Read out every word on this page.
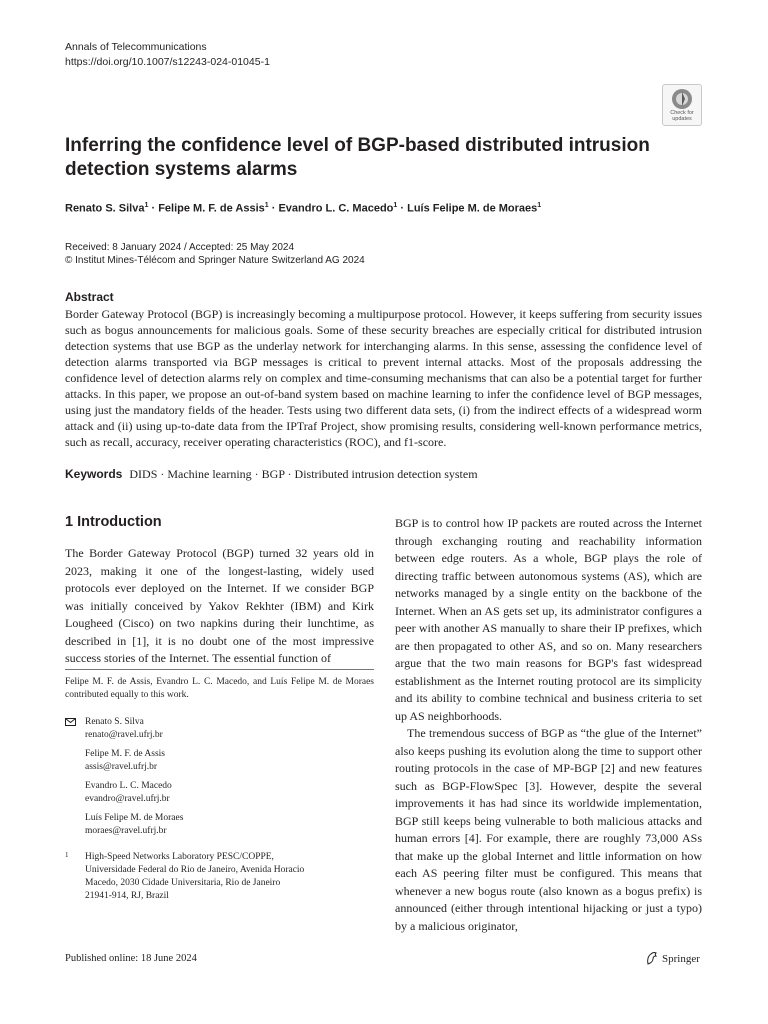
Annals of Telecommunications
https://doi.org/10.1007/s12243-024-01045-1
Check for
updates
Inferring the confidence level of BGP-based distributed intrusion detection systems alarms
Renato S. Silva$^1$ · Felipe M. F. de Assis$^1$ · Evandro L. C. Macedo$^1$ · Luís Felipe M. de Moraes$^1$
Received: 8 January 2024 / Accepted: 25 May 2024
© Institut Mines-Télécom and Springer Nature Switzerland AG 2024
Abstract

Border Gateway Protocol (BGP) is increasingly becoming a multipurpose protocol. However, it keeps suffering from security issues such as bogus announcements for malicious goals. Some of these security breaches are especially critical for distributed intrusion detection systems that use BGP as the underlay network for interchanging alarms. In this sense, assessing the confidence level of detection alarms transported via BGP messages is critical to prevent internal attacks. Most of the proposals addressing the confidence level of detection alarms rely on complex and time-consuming mechanisms that can also be a potential target for further attacks. In this paper, we propose an out-of-band system based on machine learning to infer the confidence level of BGP messages, using just the mandatory fields of the header. Tests using two different data sets, (i) from the indirect effects of a widespread worm attack and (ii) using up-to-date data from the IPTraf Project, show promising results, considering well-known performance metrics, such as recall, accuracy, receiver operating characteristics (ROC), and f1-score.

Keywords DIDS · Machine learning · BGP · Distributed intrusion detection system
1 Introduction

The Border Gateway Protocol (BGP) turned 32 years old in 2023, making it one of the longest-lasting, widely used protocols ever deployed on the Internet. If we consider BGP was initially conceived by Yakov Rekhter (IBM) and Kirk Lougheed (Cisco) on two napkins during their lunchtime, as described in [1], it is no doubt one of the most impressive success stories of the Internet. The essential function of

BGP is to control how IP packets are routed across the Internet through exchanging routing and reachability information between edge routers. As a whole, BGP plays the role of directing traffic between autonomous systems (AS), which are networks managed by a single entity on the backbone of the Internet. When an AS gets set up, its administrator configures a peer with another AS manually to share their IP prefixes, which are then propagated to other AS, and so on. Many researchers argue that the two main reasons for BGP's fast widespread establishment as the Internet routing protocol are its simplicity and its ability to combine technical and business criteria to set up AS neighborhoods.

The tremendous success of BGP as “the glue of the Internet” also keeps pushing its evolution along the time to support other routing protocols in the case of MP-BGP [2] and new features such as BGP-FlowSpec [3]. However, despite the several improvements it has had since its worldwide implementation, BGP still keeps being vulnerable to both malicious attacks and human errors [4]. For example, there are roughly 73,000 ASs that make up the global Internet and little information on how each AS peering filter must be configured. This means that whenever a new bogus route (also known as a bogus prefix) is announced (either through intentional hijacking or just a typo) by a malicious originator,

Felipe M. F. de Assis, Evandro L. C. Macedo, and Luís Felipe M. de Moraes contributed equally to this work.

Renato S. Silva
renato@ravel.ufrj.br
Felipe M. F. de Assis
assis@ravel.ufrj.br
Evandro L. C. Macedo
evandro@ravel.ufrj.br
Luís Felipe M. de Moraes
moraes@ravel.ufrj.br
1 High-Speed Networks Laboratory PESC/COPPE,
Universidade Federal do Rio de Janeiro, Avenida Horacio
Macedo, 2030 Cidade Universitaria, Rio de Janeiro
21941-914, RJ, Brazil
Published online: 18 June 2024	Springer
